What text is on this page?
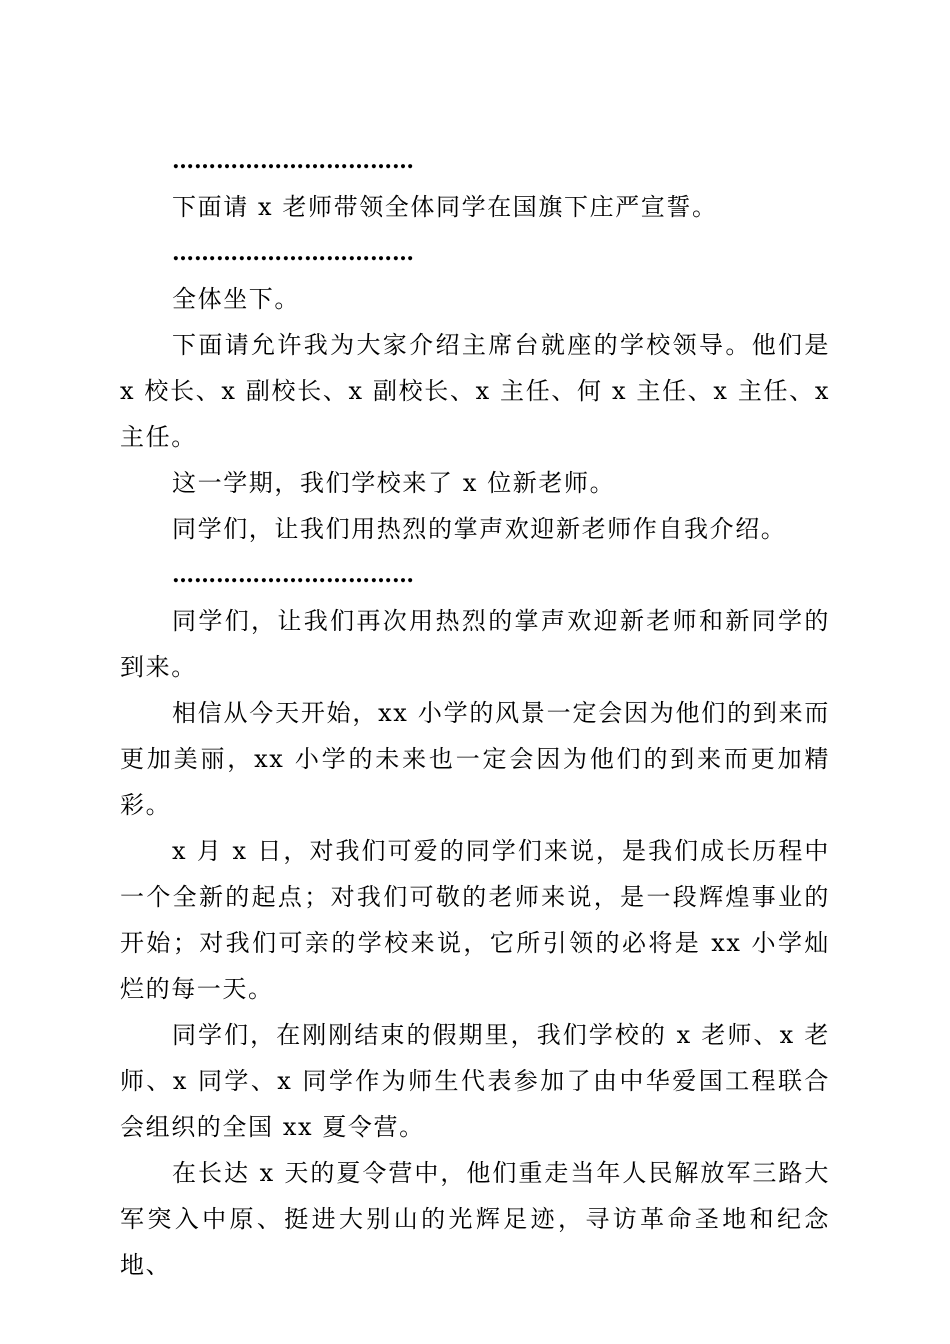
……………………………

下面请 x 老师带领全体同学在国旗下庄严宣誓。

……………………………

全体坐下。

下面请允许我为大家介绍主席台就座的学校领导。他们是 x 校长、x 副校长、x 副校长、x 主任、何 x 主任、x 主任、x 主任。

这一学期，我们学校来了 x 位新老师。

同学们，让我们用热烈的掌声欢迎新老师作自我介绍。

……………………………

同学们，让我们再次用热烈的掌声欢迎新老师和新同学的到来。

相信从今天开始，xx 小学的风景一定会因为他们的到来而更加美丽，xx 小学的未来也一定会因为他们的到来而更加精彩。

x 月 x 日，对我们可爱的同学们来说，是我们成长历程中一个全新的起点；对我们可敬的老师来说，是一段辉煌事业的开始；对我们可亲的学校来说，它所引领的必将是 xx 小学灿烂的每一天。

同学们，在刚刚结束的假期里，我们学校的 x 老师、x 老师、x 同学、x 同学作为师生代表参加了由中华爱国工程联合会组织的全国 xx 夏令营。

在长达 x 天的夏令营中，他们重走当年人民解放军三路大军突入中原、挺进大别山的光辉足迹，寻访革命圣地和纪念地、
